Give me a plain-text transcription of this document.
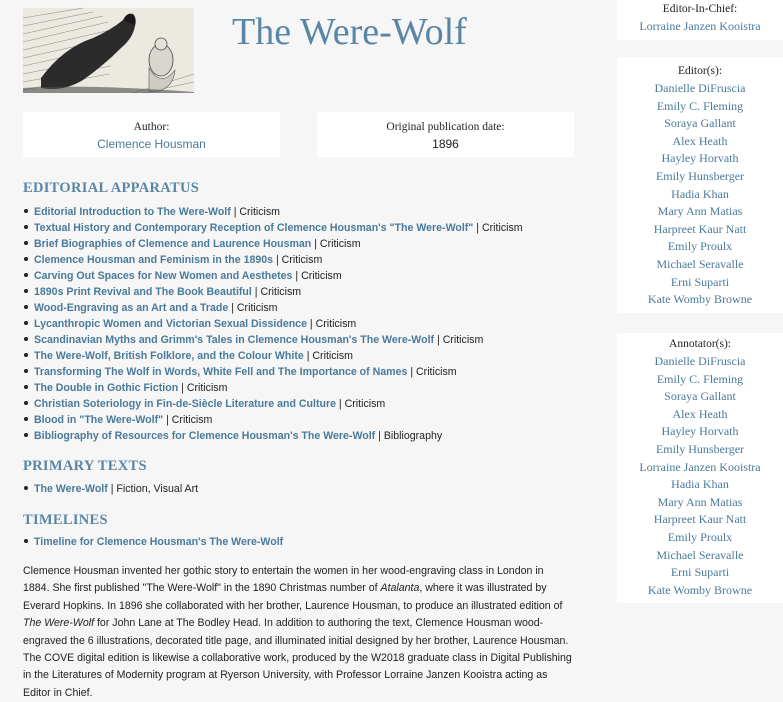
The Were-Wolf
Author:
Clemence Housman
Original publication date:
1896
EDITORIAL APPARATUS
Editorial Introduction to The Were-Wolf | Criticism
Textual History and Contemporary Reception of Clemence Housman's "The Were-Wolf" | Criticism
Brief Biographies of Clemence and Laurence Housman | Criticism
Clemence Housman and Feminism in the 1890s | Criticism
Carving Out Spaces for New Women and Aesthetes | Criticism
1890s Print Revival and The Book Beautiful | Criticism
Wood-Engraving as an Art and a Trade | Criticism
Lycanthropic Women and Victorian Sexual Dissidence | Criticism
Scandinavian Myths and Grimm's Tales in Clemence Housman's The Were-Wolf | Criticism
The Were-Wolf, British Folklore, and the Colour White | Criticism
Transforming The Wolf in Words, White Fell and The Importance of Names | Criticism
The Double in Gothic Fiction | Criticism
Christian Soteriology in Fin-de-Siècle Literature and Culture | Criticism
Blood in "The Were-Wolf" | Criticism
Bibliography of Resources for Clemence Housman's The Were-Wolf | Bibliography
PRIMARY TEXTS
The Were-Wolf | Fiction, Visual Art
TIMELINES
Timeline for Clemence Housman's The Were-Wolf
Clemence Housman invented her gothic story to entertain the women in her wood-engraving class in London in 1884. She first published "The Were-Wolf" in the 1890 Christmas number of Atalanta, where it was illustrated by Everard Hopkins. In 1896 she collaborated with her brother, Laurence Housman, to produce an illustrated edition of The Were-Wolf for John Lane at The Bodley Head. In addition to authoring the text, Clemence Housman wood-engraved the 6 illustrations, decorated title page, and illuminated initial designed by her brother, Laurence Housman. The COVE digital edition is likewise a collaborative work, produced by the W2018 graduate class in Digital Publishing in the Literatures of Modernity program at Ryerson University, with Professor Lorraine Janzen Kooistra acting as Editor in Chief.
Editor-In-Chief:
Lorraine Janzen Kooistra
Editor(s):
Danielle DiFruscia
Emily C. Fleming
Soraya Gallant
Alex Heath
Hayley Horvath
Emily Hunsberger
Hadia Khan
Mary Ann Matias
Harpreet Kaur Natt
Emily Proulx
Michael Seravalle
Erni Suparti
Kate Womby Browne
Annotator(s):
Danielle DiFruscia
Emily C. Fleming
Soraya Gallant
Alex Heath
Hayley Horvath
Emily Hunsberger
Lorraine Janzen Kooistra
Hadia Khan
Mary Ann Matias
Harpreet Kaur Natt
Emily Proulx
Michael Seravalle
Erni Suparti
Kate Womby Browne
